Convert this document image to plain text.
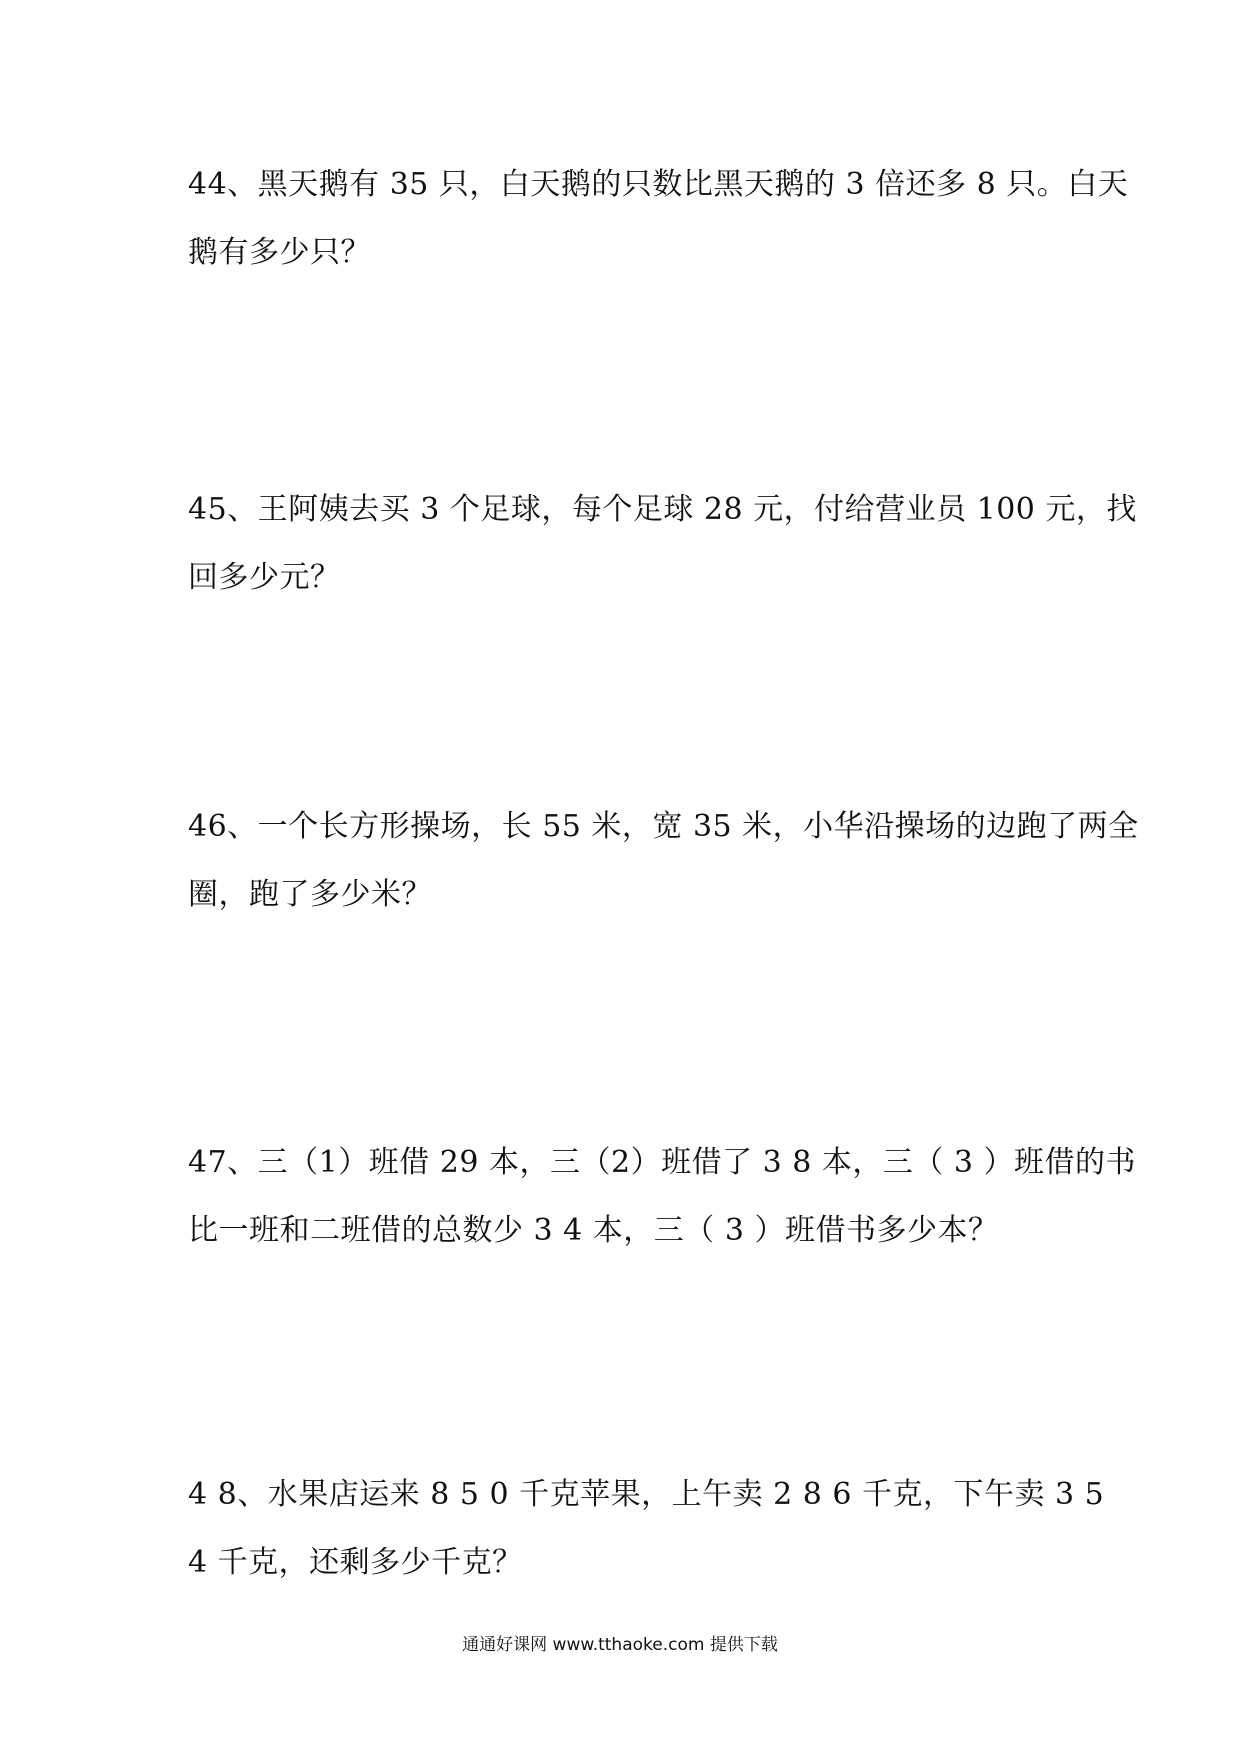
44、黑天鹅有 35 只，白天鹅的只数比黑天鹅的 3 倍还多 8 只。白天
鹅有多少只？
45、王阿姨去买 3 个足球，每个足球 28 元，付给营业员 100 元，找
回多少元？
46、一个长方形操场，长 55 米，宽 35 米，小华沿操场的边跑了两全
圈，跑了多少米？
47、三（1）班借 29 本，三（2）班借了 3 8 本，三（ 3 ）班借的书
比一班和二班借的总数少 3 4 本，三（ 3 ）班借书多少本？
4 8、水果店运来 8 5 0 千克苹果，上午卖 2 8 6 千克，下午卖 3 5
4 千克，还剩多少千克？
通通好课网 www.tthaoke.com 提供下载
